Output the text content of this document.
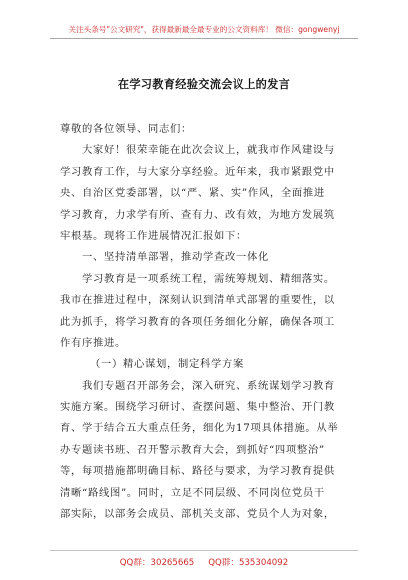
关注头条号"公文研究"，获得最新最全最专业的公文资料库！ 微信：gongwenyj
在学习教育经验交流会议上的发言
尊敬的各位领导、同志们：
大家好！很荣幸能在此次会议上，就我市作风建设与
学习教育工作，与大家分享经验。近年来，我市紧跟党中
央、自治区党委部署，以“严、紧、实”作风，全面推进
学习教育，力求学有所、查有力、改有效，为地方发展筑
牢根基。现将工作进展情况汇报如下：
一、坚持清单部署，推动学查改一体化
学习教育是一项系统工程，需统筹规划、精细落实。
我市在推进过程中，深刻认识到清单式部署的重要性，以
此为抓手，将学习教育的各项任务细化分解，确保各项工
作有序推进。
（一）精心谋划，制定科学方案
我们专题召开部务会，深入研究、系统谋划学习教育
实施方案。围绕学习研讨、查摆问题、集中整治、开门教
育、学于结合五大重点任务，细化为17项具体措施。从举
办专题读书班、召开警示教育大会，到抓好“四项整治”
等，每项措施都明确目标、路径与要求，为学习教育提供
清晰“路线图”。同时，立足不同层级、不同岗位党员干
部实际，以部务会成员、部机关支部、党员个人为对象，
QQ群：30265665 QQ群：535304092
